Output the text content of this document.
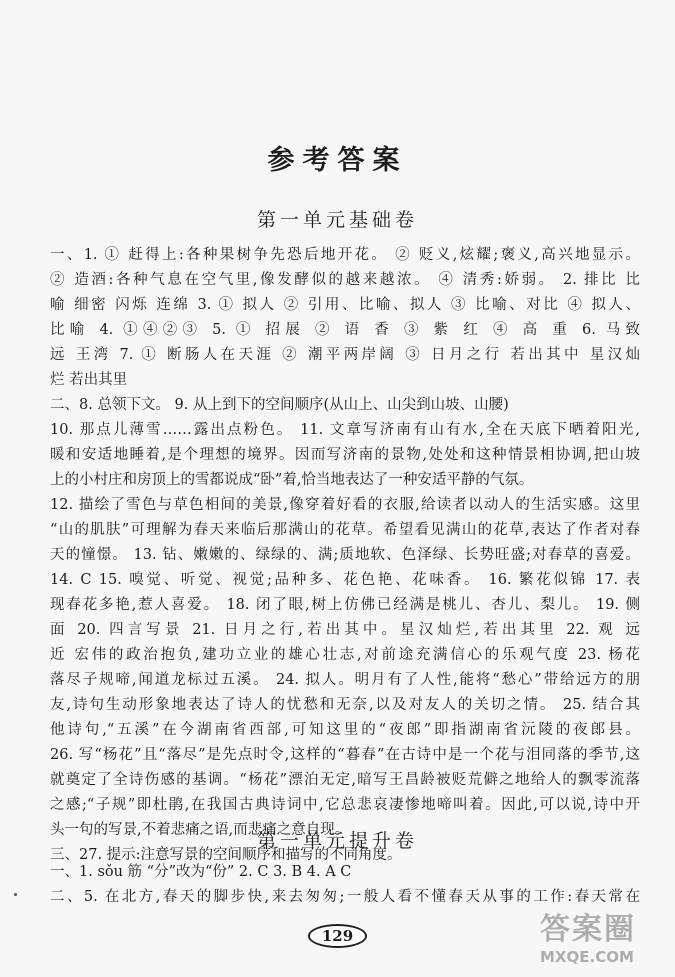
参考答案
第一单元基础卷
一、1. ① 赶得上:各种果树争先恐后地开花。 ② 贬义,炫耀;褒义,高兴地显示。
② 造酒:各种气息在空气里,像发酵似的越来越浓。 ④ 清秀:娇弱。 2. 排比 比
喻 细密 闪烁 连绵 3. ① 拟人 ② 引用、比喻、拟人 ③ 比喻、对比 ④ 拟人、
比喻 4. ①④②③ 5. ① 招展 ② 语 香 ③ 紫 红 ④ 高 重 6. 马致
远 王湾 7. ① 断肠人在天涯 ② 潮平两岸阔 ③ 日月之行 若出其中 星汉灿
烂 若出其里
二、8. 总领下文。 9. 从上到下的空间顺序(从山上、山尖到山坡、山腰)
10. 那点儿薄雪……露出点粉色。 11. 文章写济南有山有水,全在天底下晒着阳光,
暖和安适地睡着,是个理想的境界。因而写济南的景物,处处和这种情景相协调,把山坡
上的小村庄和房顶上的雪都说成“卧”着,恰当地表达了一种安适平静的气氛。
12. 描绘了雪色与草色相间的美景,像穿着好看的衣服,给读者以动人的生活实感。这里
“山的肌肤”可理解为春天来临后那满山的花草。希望看见满山的花草,表达了作者对春
天的憧憬。 13. 钻、嫩嫩的、绿绿的、满;质地软、色泽绿、长势旺盛;对春草的喜爱。
14. C 15. 嗅觉、听觉、视觉;品种多、花色艳、花味香。 16. 繁花似锦 17. 表
现春花多艳,惹人喜爱。 18. 闭了眼,树上仿佛已经满是桃儿、杏儿、梨儿。 19. 侧
面 20. 四言写景 21. 日月之行,若出其中。星汉灿烂,若出其里 22. 观 远
近 宏伟的政治抱负,建功立业的雄心壮志,对前途充满信心的乐观气度 23. 杨花
落尽子规啼,闻道龙标过五溪。 24. 拟人。明月有了人性,能将“愁心”带给远方的朋
友,诗句生动形象地表达了诗人的忧愁和无奈,以及对友人的关切之情。 25. 结合其
他诗句,“五溪”在今湖南省西部,可知这里的“夜郎”即指湖南省沅陵的夜郎县。
26. 写“杨花”且“落尽”是先点时令,这样的“暮春”在古诗中是一个花与泪同落的季节,这
就奠定了全诗伤感的基调。“杨花”漂泊无定,暗写王昌龄被贬荒僻之地给人的飘零流落
之感;“子规”即杜鹃,在我国古典诗词中,它总悲哀凄惨地啼叫着。因此,可以说,诗中开
头一句的写景,不着悲痛之语,而悲痛之意自现。
三、27. 提示:注意写景的空间顺序和描写的不同角度。
第一单元提升卷
一、1. sǒu 筋 “分”改为“份” 2. C 3. B 4. A C
二、5. 在北方,春天的脚步快,来去匆匆;一般人看不懂春天从事的工作:春天常在
129	答案圈
MXQE.COM
